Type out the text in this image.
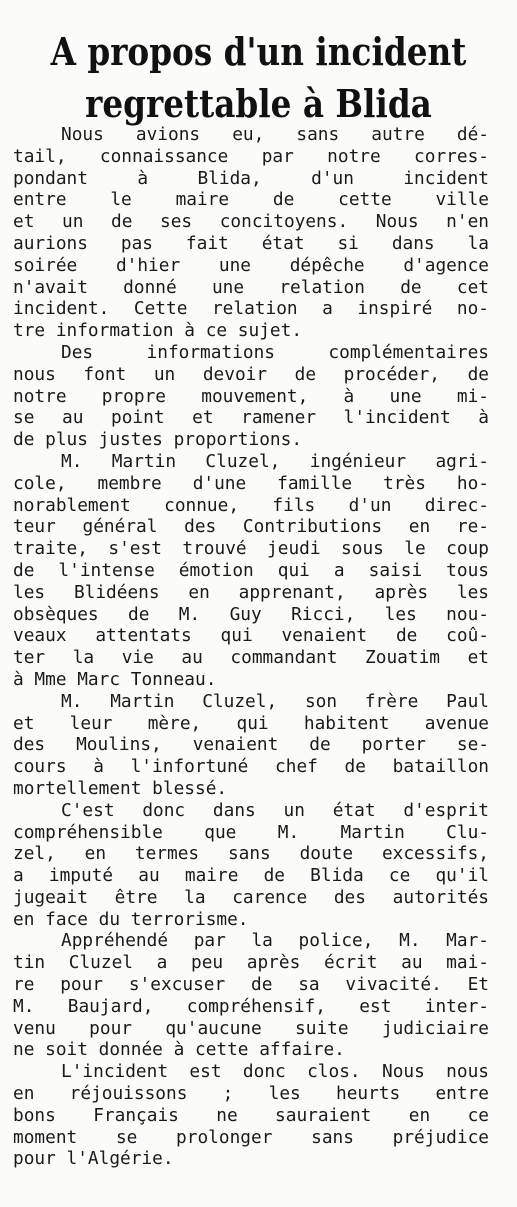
A propos d'un incident
regrettable à Blida
Nous avions eu, sans autre dé-
tail, connaissance par notre corres-
pondant à Blida, d'un incident
entre le maire de cette ville
et un de ses concitoyens. Nous n'en
aurions pas fait état si dans la
soirée d'hier une dépêche d'agence
n'avait donné une relation de cet
incident. Cette relation a inspiré no-
tre information à ce sujet.
Des informations complémentaires
nous font un devoir de procéder, de
notre propre mouvement, à une mi-
se au point et ramener l'incident à
de plus justes proportions.
M. Martin Cluzel, ingénieur agri-
cole, membre d'une famille très ho-
norablement connue, fils d'un direc-
teur général des Contributions en re-
traite, s'est trouvé jeudi sous le coup
de l'intense émotion qui a saisi tous
les Blidéens en apprenant, après les
obsèques de M. Guy Ricci, les nou-
veaux attentats qui venaient de coû-
ter la vie au commandant Zouatim et
à Mme Marc Tonneau.
M. Martin Cluzel, son frère Paul
et leur mère, qui habitent avenue
des Moulins, venaient de porter se-
cours à l'infortuné chef de bataillon
mortellement blessé.
C'est donc dans un état d'esprit
compréhensible que M. Martin Clu-
zel, en termes sans doute excessifs,
a imputé au maire de Blida ce qu'il
jugeait être la carence des autorités
en face du terrorisme.
Appréhendé par la police, M. Mar-
tin Cluzel a peu après écrit au mai-
re pour s'excuser de sa vivacité. Et
M. Baujard, compréhensif, est inter-
venu pour qu'aucune suite judiciaire
ne soit donnée à cette affaire.
L'incident est donc clos. Nous nous
en réjouissons ; les heurts entre
bons Français ne sauraient en ce
moment se prolonger sans préjudice
pour l'Algérie.
